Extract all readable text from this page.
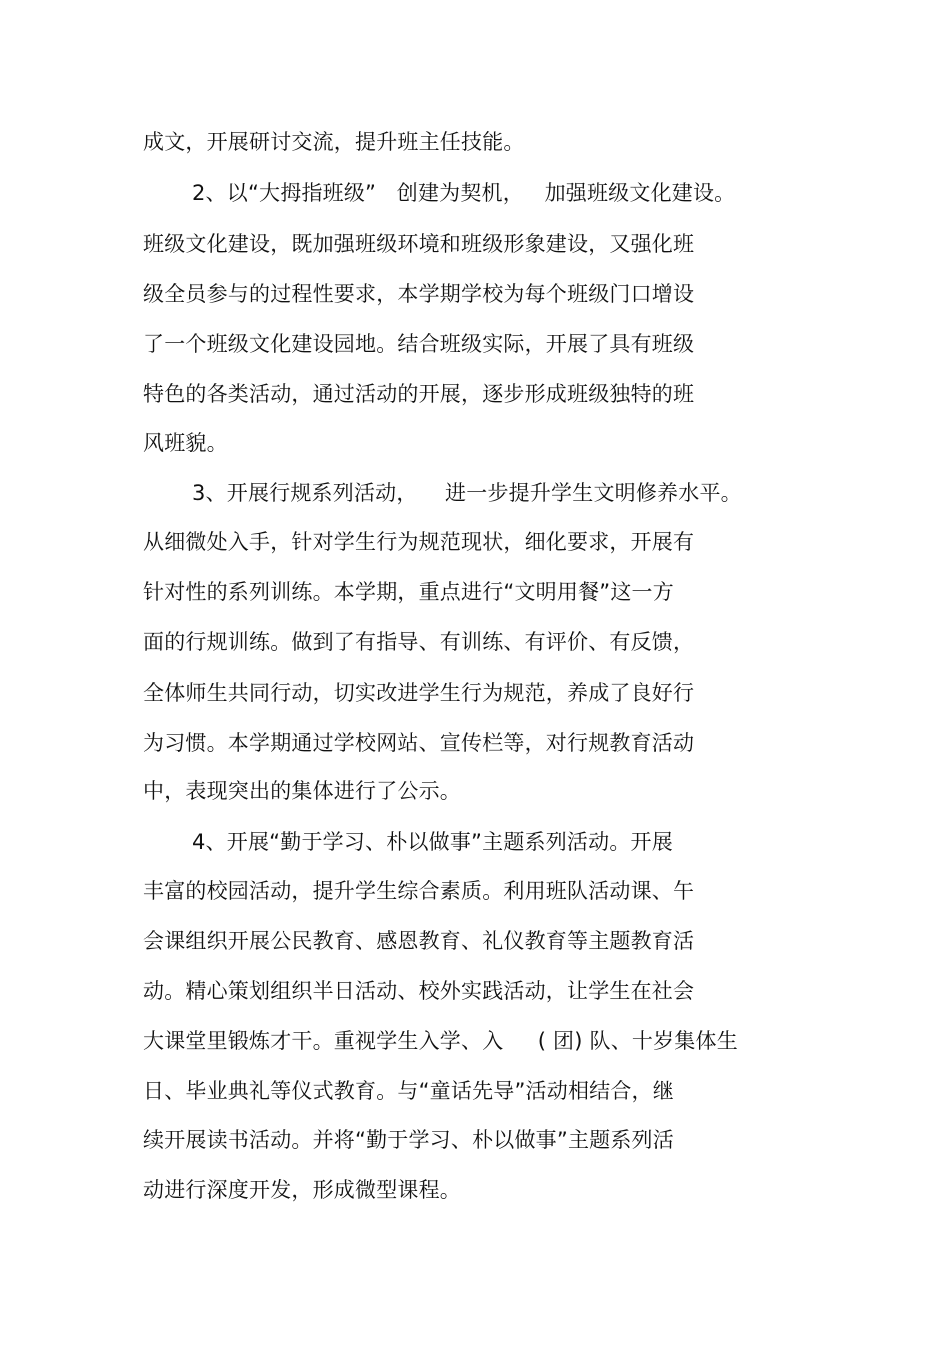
成文，开展研讨交流，提升班主任技能。
2、以“大拇指班级”   创建为契机，   加强班级文化建设。
班级文化建设，既加强班级环境和班级形象建设，又强化班
级全员参与的过程性要求，本学期学校为每个班级门口增设
了一个班级文化建设园地。结合班级实际，开展了具有班级
特色的各类活动，通过活动的开展，逐步形成班级独特的班
风班貌。
3、开展行规系列活动，    进一步提升学生文明修养水平。
从细微处入手，针对学生行为规范现状，细化要求，开展有
针对性的系列训练。本学期，重点进行“文明用餐”这一方
面的行规训练。做到了有指导、有训练、有评价、有反馈，
全体师生共同行动，切实改进学生行为规范，养成了良好行
为习惯。本学期通过学校网站、宣传栏等，对行规教育活动
中，表现突出的集体进行了公示。
4、开展“勤于学习、朴以做事”主题系列活动。开展
丰富的校园活动，提升学生综合素质。利用班队活动课、午
会课组织开展公民教育、感恩教育、礼仪教育等主题教育活
动。精心策划组织半日活动、校外实践活动，让学生在社会
大课堂里锻炼才干。重视学生入学、入     ( 团) 队、十岁集体生
日、毕业典礼等仪式教育。与“童话先导”活动相结合，继
续开展读书活动。并将“勤于学习、朴以做事”主题系列活
动进行深度开发，形成微型课程。
